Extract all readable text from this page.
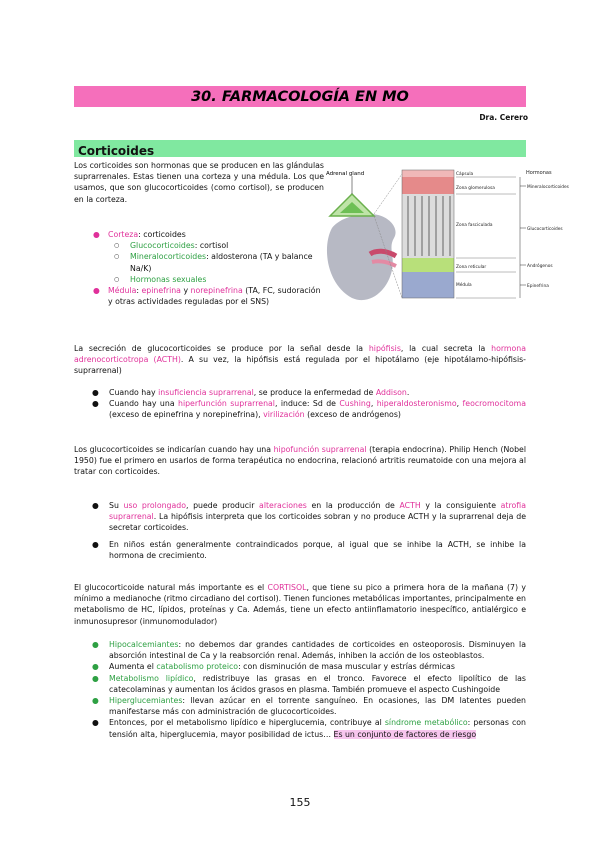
30. FARMACOLOGÍA EN MO
Dra. Cerero
Corticoides

Los corticoides son hormonas que se producen en las glándulas suprarrenales. Estas tienen una corteza y una médula. Los que usamos, que son glucocorticoides (como cortisol), se producen en la corteza.

● Corteza: corticoides
○ Glucocorticoides: cortisol
○ Mineralocorticoides: aldosterona (TA y balance Na/K)
○ Hormonas sexuales
● Médula: epinefrina y norepinefrina (TA, FC, sudoración y otras actividades reguladas por el SNS)
Adrenal gland	Cápsula
Zona glomerulosa
Zona fasciculada
Zona reticular
Médula
Hormonas
Mineralocorticoides
Glucocorticoides
Andrógenos
Epinefrina

La secreción de glucocorticoides se produce por la señal desde la hipófisis, la cual secreta la hormona adrenocorticotropa (ACTH). A su vez, la hipófisis está regulada por el hipotálamo (eje hipotálamo-hipófisis-suprarrenal)

● Cuando hay insuficiencia suprarrenal, se produce la enfermedad de Addison.
● Cuando hay una hiperfunción suprarrenal, induce: Sd de Cushing, hiperaldosteronismo, feocromocitoma (exceso de epinefrina y norepinefrina), virilización (exceso de andrógenos)

Los glucocorticoides se indicarían cuando hay una hipofunción suprarrenal (terapia endocrina). Philip Hench (Nobel 1950) fue el primero en usarlos de forma terapéutica no endocrina, relacionó artritis reumatoide con una mejora al tratar con corticoides.

● Su uso prolongado, puede producir alteraciones en la producción de ACTH y la consiguiente atrofia suprarrenal. La hipófisis interpreta que los corticoides sobran y no produce ACTH y la suprarrenal deja de secretar corticoides.
● En niños están generalmente contraindicados porque, al igual que se inhibe la ACTH, se inhibe la hormona de crecimiento.

El glucocorticoide natural más importante es el CORTISOL, que tiene su pico a primera hora de la mañana (7) y mínimo a medianoche (ritmo circadiano del cortisol). Tienen funciones metabólicas importantes, principalmente en metabolismo de HC, lípidos, proteínas y Ca. Además, tiene un efecto antiinflamatorio inespecífico, antialérgico e inmunosupresor (inmunomodulador)

● Hipocalcemiantes: no debemos dar grandes cantidades de corticoides en osteoporosis. Disminuyen la absorción intestinal de Ca y la reabsorción renal. Además, inhiben la acción de los osteoblastos.
● Aumenta el catabolismo proteico: con disminución de masa muscular y estrías dérmicas
● Metabolismo lipídico, redistribuye las grasas en el tronco. Favorece el efecto lipolítico de las catecolaminas y aumentan los ácidos grasos en plasma. También promueve el aspecto Cushingoide
● Hiperglucemiantes: llevan azúcar en el torrente sanguíneo. En ocasiones, las DM latentes pueden manifestarse más con administración de glucocorticoides.
● Entonces, por el metabolismo lipídico e hiperglucemia, contribuye al síndrome metabólico: personas con tensión alta, hiperglucemia, mayor posibilidad de ictus… Es un conjunto de factores de riesgo
155
